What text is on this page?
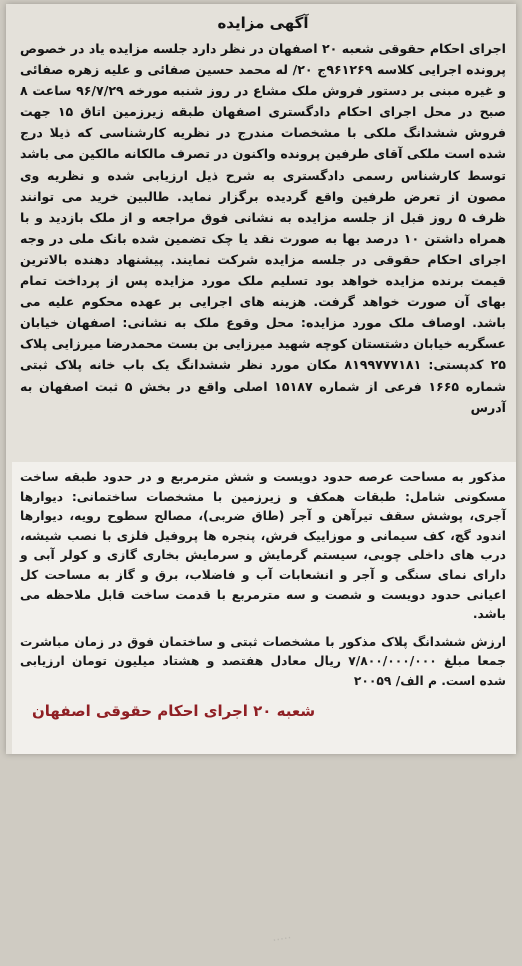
آگهی مزایده
اجرای احکام حقوقی شعبه ۲۰ اصفهان در نظر دارد جلسه مزایده یاد در خصوص پرونده اجرایی کلاسه ۹۶۱۲۶۹ج ۲۰/ له محمد حسین صفائی و علیه زهره صفائی و غیره مبنی بر دستور فروش ملک مشاع در روز شنبه مورخه ۹۶/۷/۲۹ ساعت ۸ صبح در محل اجرای احکام دادگستری اصفهان طبقه زیرزمین اتاق ۱۵ جهت فروش ششدانگ ملکی با مشخصات مندرج در نظریه کارشناسی که ذیلا درج شده است ملکی آقای طرفین پرونده واکنون در تصرف مالکانه مالکین می باشد توسط کارشناس رسمی دادگستری به شرح ذیل ارزیابی شده و نظریه وی مصون از تعرض طرفین واقع گردیده برگزار نماید. طالبین خرید می توانند ظرف ۵ روز قبل از جلسه مزایده به نشانی فوق مراجعه و از ملک بازدید و با همراه داشتن ۱۰ درصد بها به صورت نقد یا چک تضمین شده بانک ملی در وجه اجرای احکام حقوقی در جلسه مزایده شرکت نمایند. پیشنهاد دهنده بالاترین قیمت برنده مزایده خواهد بود تسلیم ملک مورد مزایده پس از پرداخت تمام بهای آن صورت خواهد گرفت. هزینه های اجرایی بر عهده محکوم علیه می باشد. اوصاف ملک مورد مزایده: محل وقوع ملک به نشانی: اصفهان خیابان عسگریه خیابان دشتستان کوچه شهید میرزایی بن بست محمدرضا میرزایی پلاک ۲۵ کدپستی: ۸۱۹۹۷۷۷۱۸۱ مکان مورد نظر ششدانگ یک باب خانه پلاک ثبتی شماره ۱۶۶۵ فرعی از شماره ۱۵۱۸۷ اصلی واقع در بخش ۵ ثبت اصفهان به آدرس
·····

مذکور به مساحت عرصه حدود دویست و شش مترمربع و در حدود طبقه ساخت مسکونی شامل: طبقات همکف و زیرزمین با مشخصات ساختمانی: دیوارها آجری، پوشش سقف تیرآهن و آجر (طاق ضربی)، مصالح سطوح رویه، دیوارها اندود گچ، کف سیمانی و موزاییک فرش، پنجره ها پروفیل فلزی با نصب شیشه، درب های داخلی چوبی، سیستم گرمایش و سرمایش بخاری گازی و کولر آبی و دارای نمای سنگی و آجر و انشعابات آب و فاضلاب، برق و گاز به مساحت کل اعیانی حدود دویست و شصت و سه مترمربع با قدمت ساخت قابل ملاحظه می باشد.

ارزش ششدانگ پلاک مذکور با مشخصات ثبتی و ساختمان فوق در زمان مباشرت جمعا مبلغ ۷/۸۰۰/۰۰۰/۰۰۰ ریال معادل هفتصد و هشتاد میلیون تومان ارزیابی شده است. م الف/ ۲۰۰۵۹

شعبه ۲۰ اجرای احکام حقوقی اصفهان
